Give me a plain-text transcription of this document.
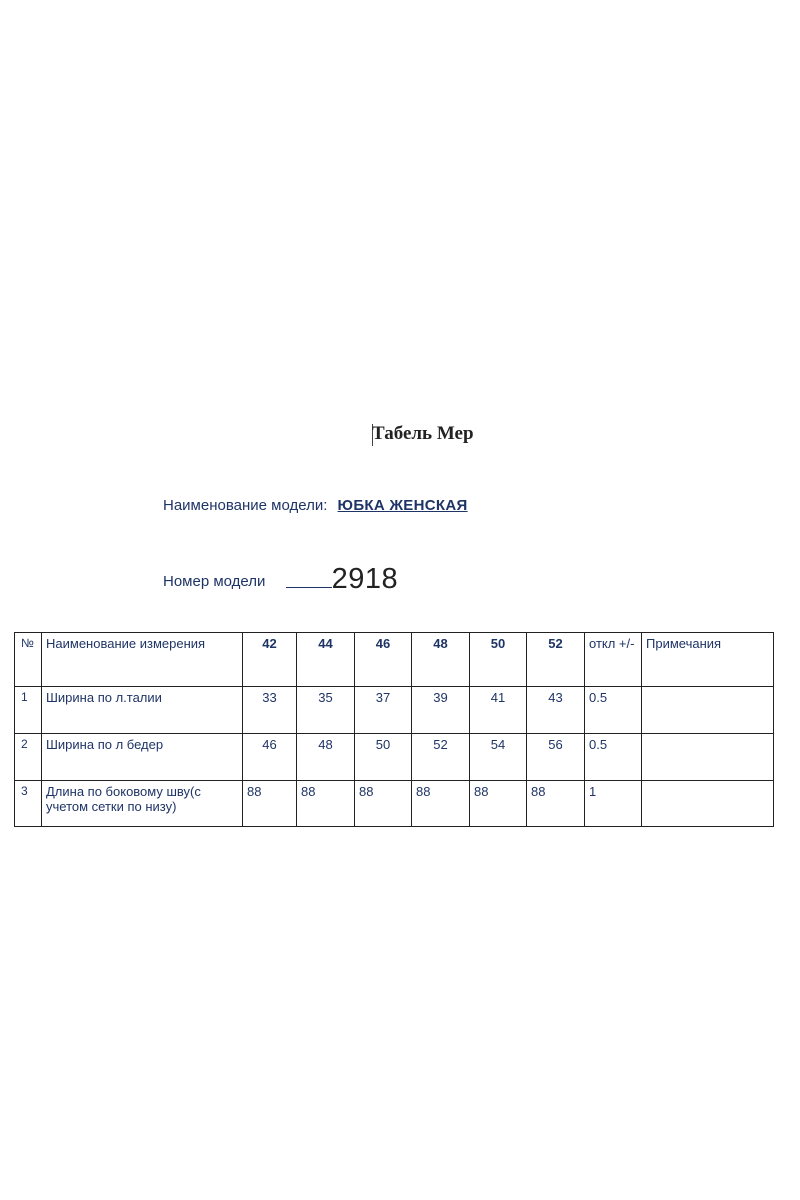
Табель Мер
Наименование модели: ЮБКА ЖЕНСКАЯ
Номер модели 2918
№	Наименование измерения	42	44	46	48	50	52	откл +/-	Примечания
1	Ширина по л.талии	33	35	37	39	41	43	0.5	
2	Ширина по л бедер	46	48	50	52	54	56	0.5	
3	Длина по боковому шву(с учетом сетки по низу)	88	88	88	88	88	88	1	
